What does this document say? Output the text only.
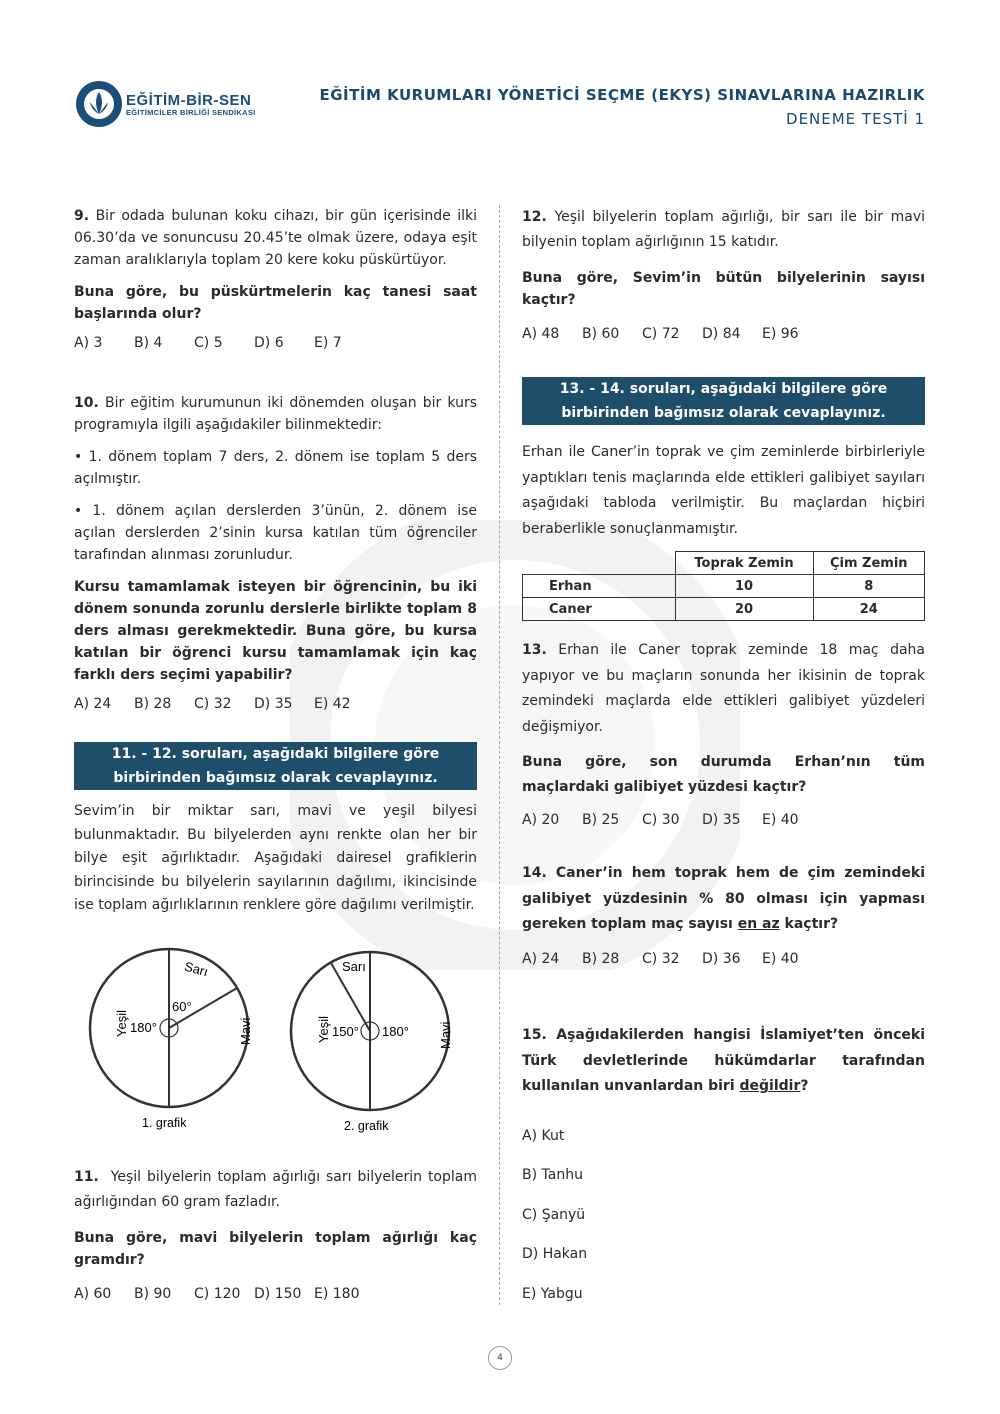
EĞİTİM-BİR-SEN
EĞİTİMCİLER BİRLİĞİ SENDİKASI
EĞİTİM KURUMLARI YÖNETİCİ SEÇME (EKYS) SINAVLARINA HAZIRLIK
DENEME TESTİ 1

9. Bir odada bulunan koku cihazı, bir gün içerisinde ilki 06.30’da ve sonuncusu 20.45’te olmak üzere, odaya eşit zaman aralıklarıyla toplam 20 kere koku püskürtüyor.

Buna göre, bu püskürtmelerin kaç tanesi saat başlarında olur?

A) 3 B) 4 C) 5 D) 6 E) 7

10. Bir eğitim kurumunun iki dönemden oluşan bir kurs programıyla ilgili aşağıdakiler bilinmektedir:

• 1. dönem toplam 7 ders, 2. dönem ise toplam 5 ders açılmıştır.

• 1. dönem açılan derslerden 3’ünün, 2. dönem ise açılan derslerden 2’sinin kursa katılan tüm öğrenciler tarafından alınması zorunludur.

Kursu tamamlamak isteyen bir öğrencinin, bu iki dönem sonunda zorunlu derslerle birlikte toplam 8 ders alması gerekmektedir. Buna göre, bu kursa katılan bir öğrenci kursu tamamlamak için kaç farklı ders seçimi yapabilir?

A) 24 B) 28 C) 32 D) 35 E) 42
11. - 12. soruları, aşağıdaki bilgilere göre
birbirinden bağımsız olarak cevaplayınız.

Sevim’in bir miktar sarı, mavi ve yeşil bilyesi bulunmaktadır. Bu bilyelerden aynı renkte olan her bir bilye eşit ağırlıktadır. Aşağıdaki dairesel grafiklerin birincisinde bu bilyelerin sayılarının dağılımı, ikincisinde ise toplam ağırlıklarının renklere göre dağılımı verilmiştir.

Sarı
Yeşil	Mavi
180°
60°
1. grafik
Sarı
Yeşil	Mavi
150° 180°
2. grafik

11. Yeşil bilyelerin toplam ağırlığı sarı bilyelerin toplam ağırlığından 60 gram fazladır.

Buna göre, mavi bilyelerin toplam ağırlığı kaç gramdır?

A) 60 B) 90 C) 120 D) 150 E) 180

12. Yeşil bilyelerin toplam ağırlığı, bir sarı ile bir mavi bilyenin toplam ağırlığının 15 katıdır.

Buna göre, Sevim’in bütün bilyelerinin sayısı kaçtır?

A) 48 B) 60 C) 72 D) 84 E) 96
13. - 14. soruları, aşağıdaki bilgilere göre
birbirinden bağımsız olarak cevaplayınız.

Erhan ile Caner’in toprak ve çim zeminlerde birbirleriyle yaptıkları tenis maçlarında elde ettikleri galibiyet sayıları aşağıdaki tabloda verilmiştir. Bu maçlardan hiçbiri beraberlikle sonuçlanmamıştır.

	Toprak Zemin	Çim Zemin
Erhan	10	8
Caner	20	24

13. Erhan ile Caner toprak zeminde 18 maç daha yapıyor ve bu maçların sonunda her ikisinin de toprak zemindeki maçlarda elde ettikleri galibiyet yüzdeleri değişmiyor.

Buna göre, son durumda Erhan’nın tüm maçlardaki galibiyet yüzdesi kaçtır?

A) 20 B) 25 C) 30 D) 35 E) 40

14. Caner’in hem toprak hem de çim zemindeki galibiyet yüzdesinin % 80 olması için yapması gereken toplam maç sayısı en az kaçtır?

A) 24 B) 28 C) 32 D) 36 E) 40

15. Aşağıdakilerden hangisi İslamiyet’ten önceki Türk devletlerinde hükümdarlar tarafından kullanılan unvanlardan biri değildir?

A) Kut
B) Tanhu
C) Şanyü
D) Hakan
E) Yabgu
4
